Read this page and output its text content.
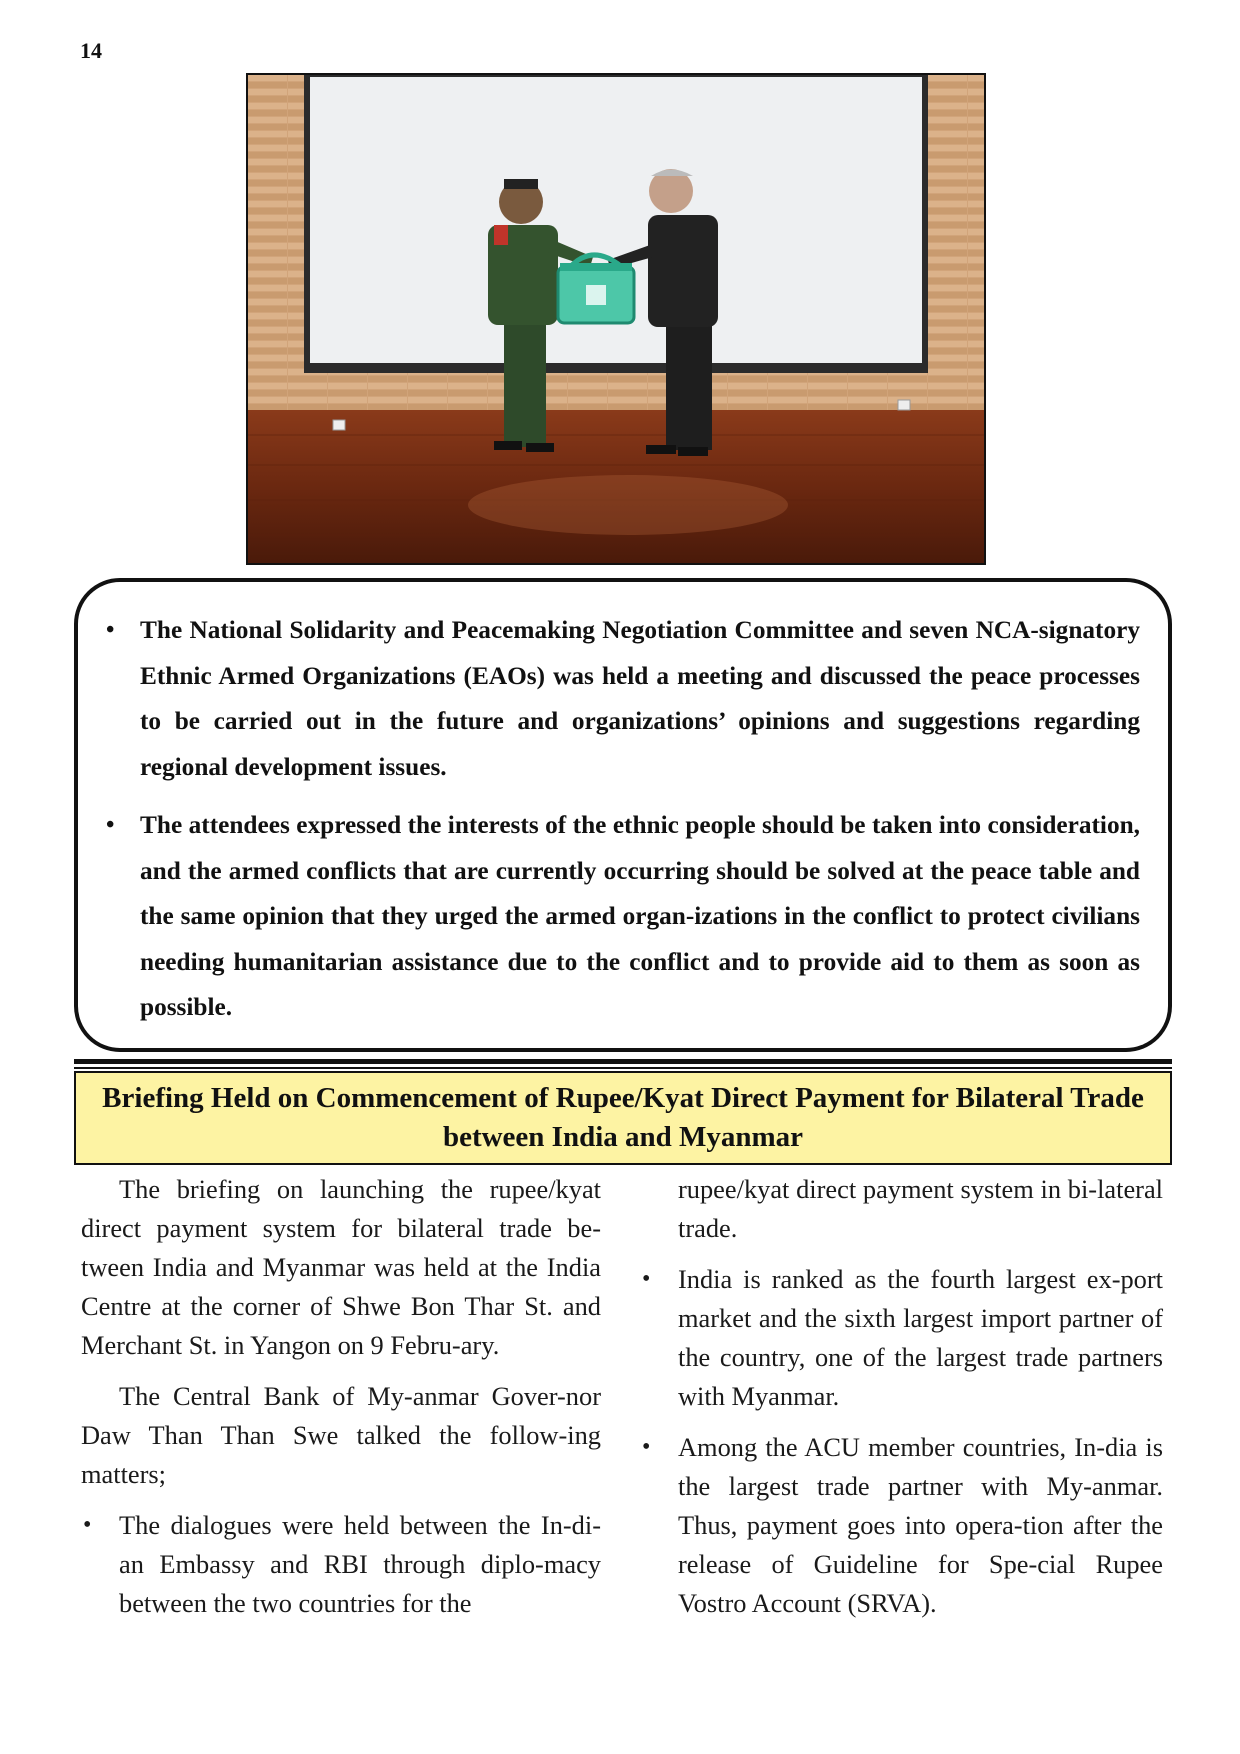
14
• The National Solidarity and Peacemaking Negotiation Committee and seven NCA-signatory Ethnic Armed Organizations (EAOs) was held a meeting and discussed the peace processes to be carried out in the future and organizations’ opinions and suggestions regarding regional development issues.
• The attendees expressed the interests of the ethnic people should be taken into consideration, and the armed conflicts that are currently occurring should be solved at the peace table and the same opinion that they urged the armed organ-izations in the conflict to protect civilians needing humanitarian assistance due to the conflict and to provide aid to them as soon as possible.
Briefing Held on Commencement of Rupee/Kyat Direct Payment for Bilateral Trade between India and Myanmar

The briefing on launching the rupee/kyat direct payment system for bilateral trade be-tween India and Myanmar was held at the India Centre at the corner of Shwe Bon Thar St. and Merchant St. in Yangon on 9 Febru-ary.

The Central Bank of My-anmar Gover-nor Daw Than Than Swe talked the follow-ing matters;

• The dialogues were held between the In-di-an Embassy and RBI through diplo-macy between the two countries for the
rupee/kyat direct payment system in bi-lateral trade.
• India is ranked as the fourth largest ex-port market and the sixth largest import partner of the country, one of the largest trade partners with Myanmar.
• Among the ACU member countries, In-dia is the largest trade partner with My-anmar. Thus, payment goes into opera-tion after the release of Guideline for Spe-cial Rupee Vostro Account (SRVA).
